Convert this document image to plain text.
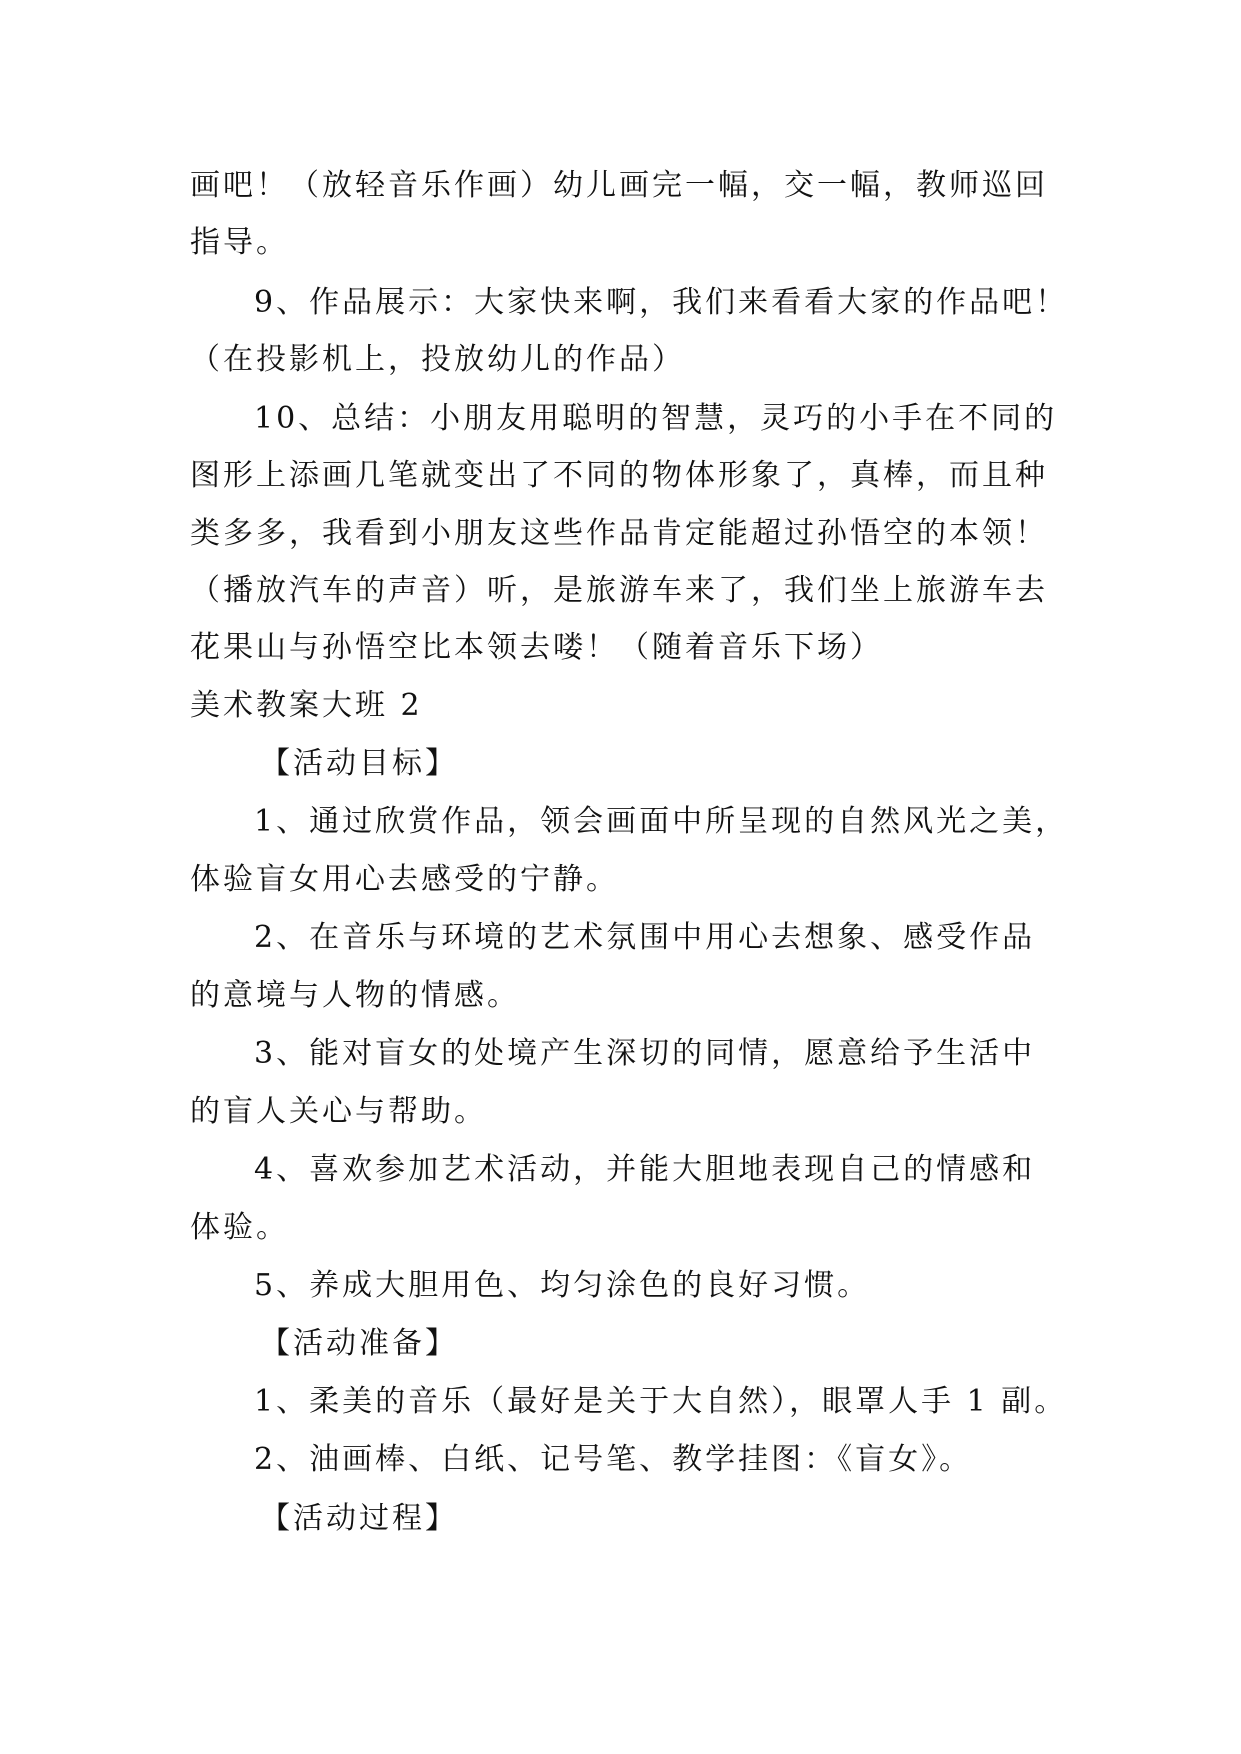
画吧！（放轻音乐作画）幼儿画完一幅，交一幅，教师巡回
指导。
9、作品展示：大家快来啊，我们来看看大家的作品吧！
（在投影机上，投放幼儿的作品）
10、总结：小朋友用聪明的智慧，灵巧的小手在不同的
图形上添画几笔就变出了不同的物体形象了，真棒，而且种
类多多，我看到小朋友这些作品肯定能超过孙悟空的本领！
（播放汽车的声音）听，是旅游车来了，我们坐上旅游车去
花果山与孙悟空比本领去喽！（随着音乐下场）
美术教案大班 2
【活动目标】
1、通过欣赏作品，领会画面中所呈现的自然风光之美，
体验盲女用心去感受的宁静。
2、在音乐与环境的艺术氛围中用心去想象、感受作品
的意境与人物的情感。
3、能对盲女的处境产生深切的同情，愿意给予生活中
的盲人关心与帮助。
4、喜欢参加艺术活动，并能大胆地表现自己的情感和
体验。
5、养成大胆用色、均匀涂色的良好习惯。
【活动准备】
1、柔美的音乐（最好是关于大自然），眼罩人手 1 副。
2、油画棒、白纸、记号笔、教学挂图：《盲女》。
【活动过程】
